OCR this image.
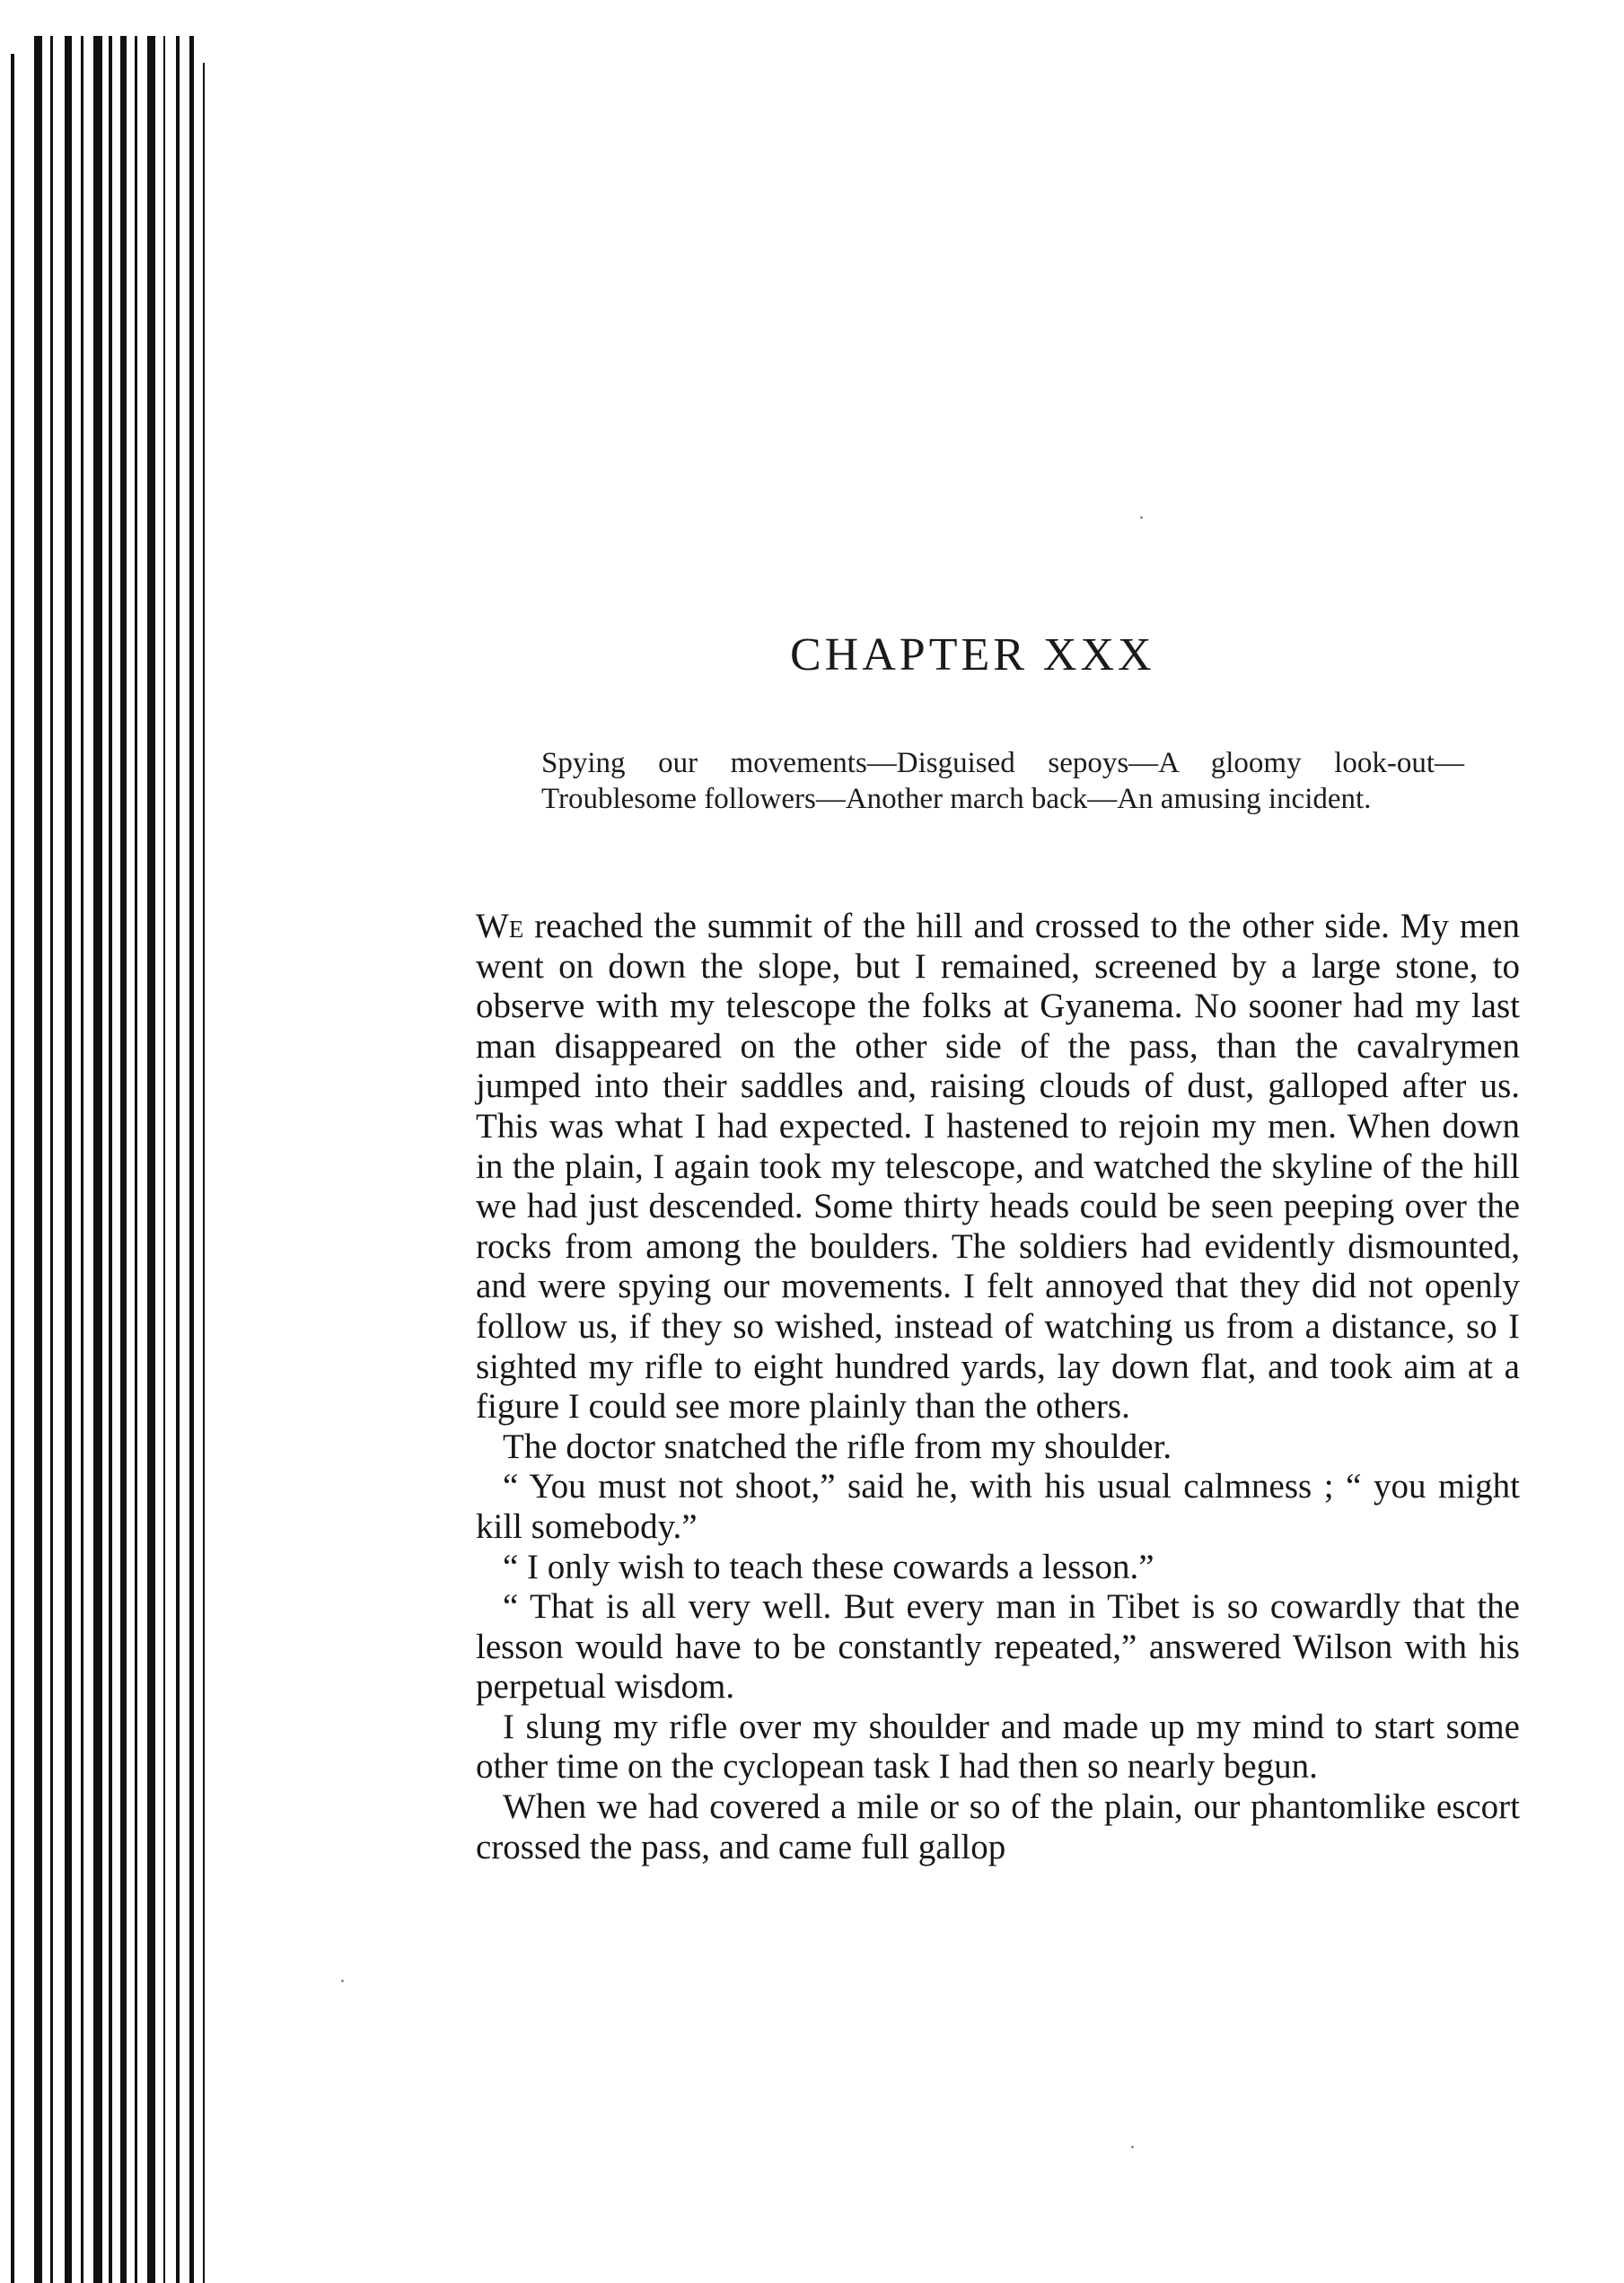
CHAPTER XXX

Spying our movements—Disguised sepoys—A gloomy look-out—Troublesome followers—Another march back—An amusing incident.

We reached the summit of the hill and crossed to the other side. My men went on down the slope, but I remained, screened by a large stone, to observe with my telescope the folks at Gyanema. No sooner had my last man disappeared on the other side of the pass, than the cavalrymen jumped into their saddles and, raising clouds of dust, galloped after us. This was what I had expected. I hastened to rejoin my men. When down in the plain, I again took my telescope, and watched the skyline of the hill we had just descended. Some thirty heads could be seen peeping over the rocks from among the boulders. The soldiers had evidently dismounted, and were spying our movements. I felt annoyed that they did not openly follow us, if they so wished, instead of watching us from a distance, so I sighted my rifle to eight hundred yards, lay down flat, and took aim at a figure I could see more plainly than the others.

The doctor snatched the rifle from my shoulder.

“ You must not shoot,” said he, with his usual calmness ; “ you might kill somebody.”

“ I only wish to teach these cowards a lesson.”

“ That is all very well. But every man in Tibet is so cowardly that the lesson would have to be constantly repeated,” answered Wilson with his perpetual wisdom.

I slung my rifle over my shoulder and made up my mind to start some other time on the cyclopean task I had then so nearly begun.

When we had covered a mile or so of the plain, our phantomlike escort crossed the pass, and came full gallop
